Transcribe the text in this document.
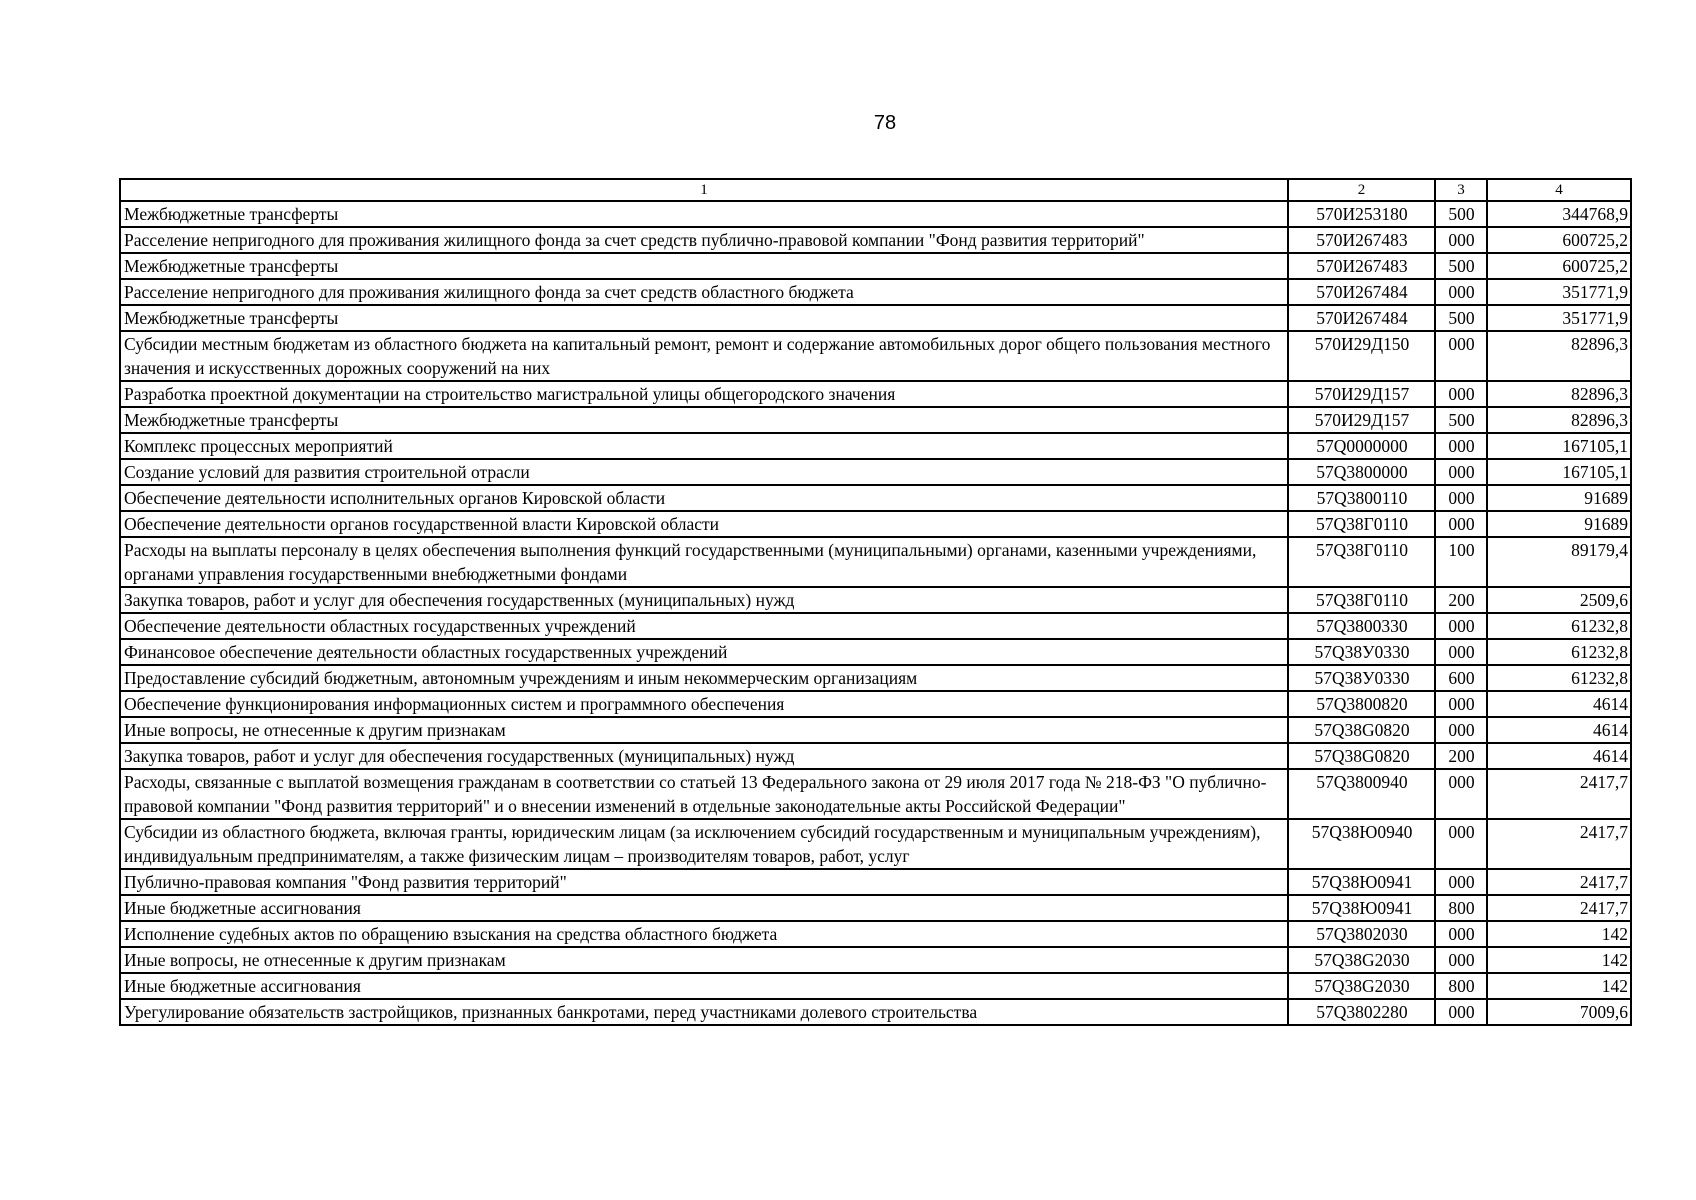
78
1	2	3	4
Межбюджетные трансферты	570И253180	500	344768,9
Расселение непригодного для проживания жилищного фонда за счет средств публично-правовой компании "Фонд развития территорий"	570И267483	000	600725,2
Межбюджетные трансферты	570И267483	500	600725,2
Расселение непригодного для проживания жилищного фонда за счет средств областного бюджета	570И267484	000	351771,9
Межбюджетные трансферты	570И267484	500	351771,9
Субсидии местным бюджетам из областного бюджета на капитальный ремонт, ремонт и содержание автомобильных дорог общего пользования местного значения и искусственных дорожных сооружений на них	570И29Д150	000	82896,3
Разработка проектной документации на строительство магистральной улицы общегородского значения	570И29Д157	000	82896,3
Межбюджетные трансферты	570И29Д157	500	82896,3
Комплекс процессных мероприятий	57Q0000000	000	167105,1
Создание условий для развития строительной отрасли	57Q3800000	000	167105,1
Обеспечение деятельности исполнительных органов Кировской области	57Q3800110	000	91689
Обеспечение деятельности органов государственной власти Кировской области	57Q38Г0110	000	91689
Расходы на выплаты персоналу в целях обеспечения выполнения функций государственными (муниципальными) органами, казенными учреждениями, органами управления государственными внебюджетными фондами	57Q38Г0110	100	89179,4
Закупка товаров, работ и услуг для обеспечения государственных (муниципальных) нужд	57Q38Г0110	200	2509,6
Обеспечение деятельности областных государственных учреждений	57Q3800330	000	61232,8
Финансовое обеспечение деятельности областных государственных учреждений	57Q38У0330	000	61232,8
Предоставление субсидий бюджетным, автономным учреждениям и иным некоммерческим организациям	57Q38У0330	600	61232,8
Обеспечение функционирования информационных систем и программного обеспечения	57Q3800820	000	4614
Иные вопросы, не отнесенные к другим признакам	57Q38G0820	000	4614
Закупка товаров, работ и услуг для обеспечения государственных (муниципальных) нужд	57Q38G0820	200	4614
Расходы, связанные с выплатой возмещения гражданам в соответствии со статьей 13 Федерального закона от 29 июля 2017 года № 218-ФЗ "О публично-правовой компании "Фонд развития территорий" и о внесении изменений в отдельные законодательные акты Российской Федерации"	57Q3800940	000	2417,7
Субсидии из областного бюджета, включая гранты, юридическим лицам (за исключением субсидий государственным и муниципальным учреждениям), индивидуальным предпринимателям, а также физическим лицам – производителям товаров, работ, услуг	57Q38Ю0940	000	2417,7
Публично-правовая компания "Фонд развития территорий"	57Q38Ю0941	000	2417,7
Иные бюджетные ассигнования	57Q38Ю0941	800	2417,7
Исполнение судебных актов по обращению взыскания на средства областного бюджета	57Q3802030	000	142
Иные вопросы, не отнесенные к другим признакам	57Q38G2030	000	142
Иные бюджетные ассигнования	57Q38G2030	800	142
Урегулирование обязательств застройщиков, признанных банкротами, перед участниками долевого строительства	57Q3802280	000	7009,6
